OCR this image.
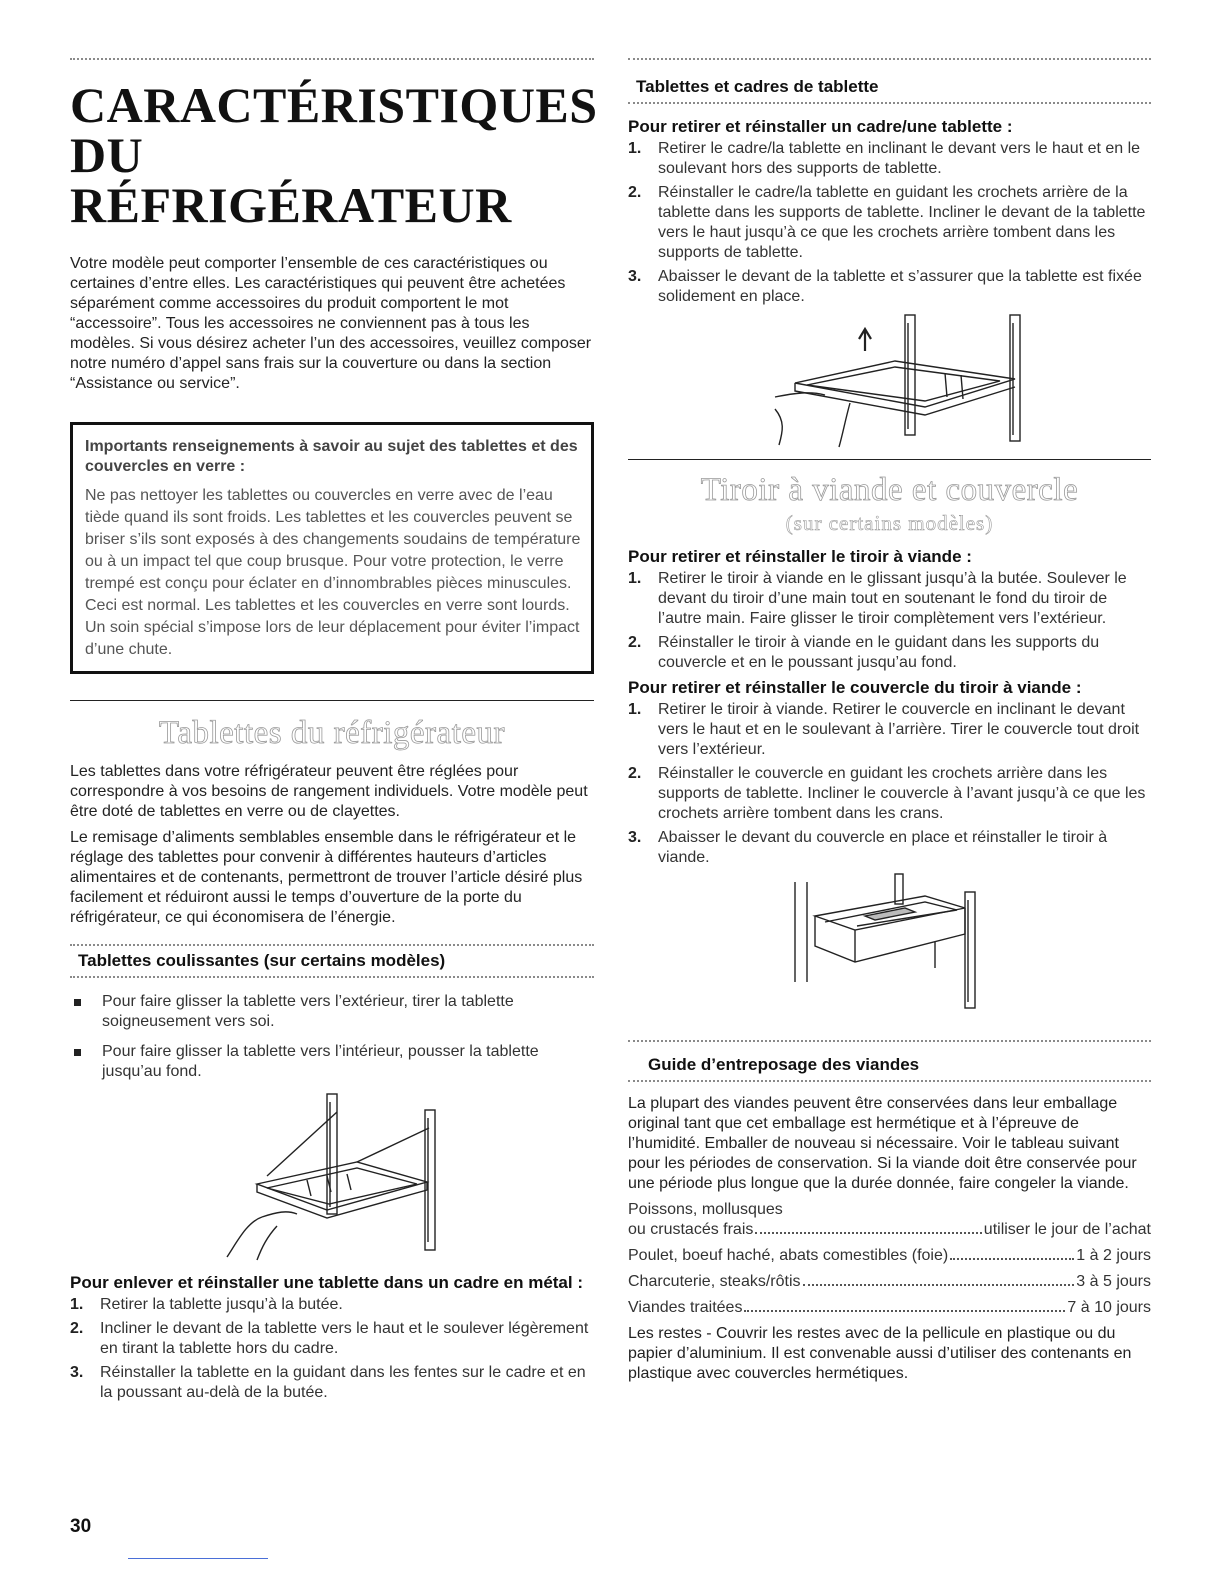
CARACTÉRISTIQUES
DU RÉFRIGÉRATEUR

Votre modèle peut comporter l’ensemble de ces caractéristiques ou certaines d’entre elles. Les caractéristiques qui peuvent être achetées séparément comme accessoires du produit comportent le mot “accessoire”. Tous les accessoires ne conviennent pas à tous les modèles. Si vous désirez acheter l’un des accessoires, veuillez composer notre numéro d’appel sans frais sur la couverture ou dans la section “Assistance ou service”.

Importants renseignements à savoir au sujet des tablettes et des couvercles en verre :
Ne pas nettoyer les tablettes ou couvercles en verre avec de l’eau tiède quand ils sont froids. Les tablettes et les couvercles peuvent se briser s’ils sont exposés à des changements soudains de température ou à un impact tel que coup brusque. Pour votre protection, le verre trempé est conçu pour éclater en d’innombrables pièces minuscules. Ceci est normal. Les tablettes et les couvercles en verre sont lourds. Un soin spécial s’impose lors de leur déplacement pour éviter l’impact d’une chute.
Tablettes du réfrigérateur

Les tablettes dans votre réfrigérateur peuvent être réglées pour correspondre à vos besoins de rangement individuels. Votre modèle peut être doté de tablettes en verre ou de clayettes.

Le remisage d’aliments semblables ensemble dans le réfrigérateur et le réglage des tablettes pour convenir à différentes hauteurs d’articles alimentaires et de contenants, permettront de trouver l’article désiré plus facilement et réduiront aussi le temps d’ouverture de la porte du réfrigérateur, ce qui économisera de l’énergie.

Tablettes coulissantes (sur certains modèles)
Pour faire glisser la tablette vers l’extérieur, tirer la tablette soigneusement vers soi.
Pour faire glisser la tablette vers l’intérieur, pousser la tablette jusqu’au fond.
Pour enlever et réinstaller une tablette dans un cadre en métal :
1. Retirer la tablette jusqu’à la butée.
2. Incliner le devant de la tablette vers le haut et le soulever légèrement en tirant la tablette hors du cadre.
3. Réinstaller la tablette en la guidant dans les fentes sur le cadre et en la poussant au-delà de la butée.
Tablettes et cadres de tablette
Pour retirer et réinstaller un cadre/une tablette :
1. Retirer le cadre/la tablette en inclinant le devant vers le haut et en le soulevant hors des supports de tablette.
2. Réinstaller le cadre/la tablette en guidant les crochets arrière de la tablette dans les supports de tablette. Incliner le devant de la tablette vers le haut jusqu’à ce que les crochets arrière tombent dans les supports de tablette.
3. Abaisser le devant de la tablette et s’assurer que la tablette est fixée solidement en place.
Tiroir à viande et couvercle
(sur certains modèles)
Pour retirer et réinstaller le tiroir à viande :
1. Retirer le tiroir à viande en le glissant jusqu’à la butée. Soulever le devant du tiroir d’une main tout en soutenant le fond du tiroir de l’autre main. Faire glisser le tiroir complètement vers l’extérieur.
2. Réinstaller le tiroir à viande en le guidant dans les supports du couvercle et en le poussant jusqu’au fond.
Pour retirer et réinstaller le couvercle du tiroir à viande :
1. Retirer le tiroir à viande. Retirer le couvercle en inclinant le devant vers le haut et en le soulevant à l’arrière. Tirer le couvercle tout droit vers l’extérieur.
2. Réinstaller le couvercle en guidant les crochets arrière dans les supports de tablette. Incliner le couvercle à l’avant jusqu’à ce que les crochets arrière tombent dans les crans.
3. Abaisser le devant du couvercle en place et réinstaller le tiroir à viande.
Guide d’entreposage des viandes

La plupart des viandes peuvent être conservées dans leur emballage original tant que cet emballage est hermétique et à l’épreuve de l’humidité. Emballer de nouveau si nécessaire. Voir le tableau suivant pour les périodes de conservation. Si la viande doit être conservée pour une période plus longue que la durée donnée, faire congeler la viande.

Poissons, mollusques
ou crustacés frais	utiliser le jour de l’achat
Poulet, boeuf haché, abats comestibles (foie)	1 à 2 jours
Charcuterie, steaks/rôtis	3 à 5 jours
Viandes traitées	7 à 10 jours

Les restes - Couvrir les restes avec de la pellicule en plastique ou du papier d’aluminium. Il est convenable aussi d’utiliser des contenants en plastique avec couvercles hermétiques.

30
